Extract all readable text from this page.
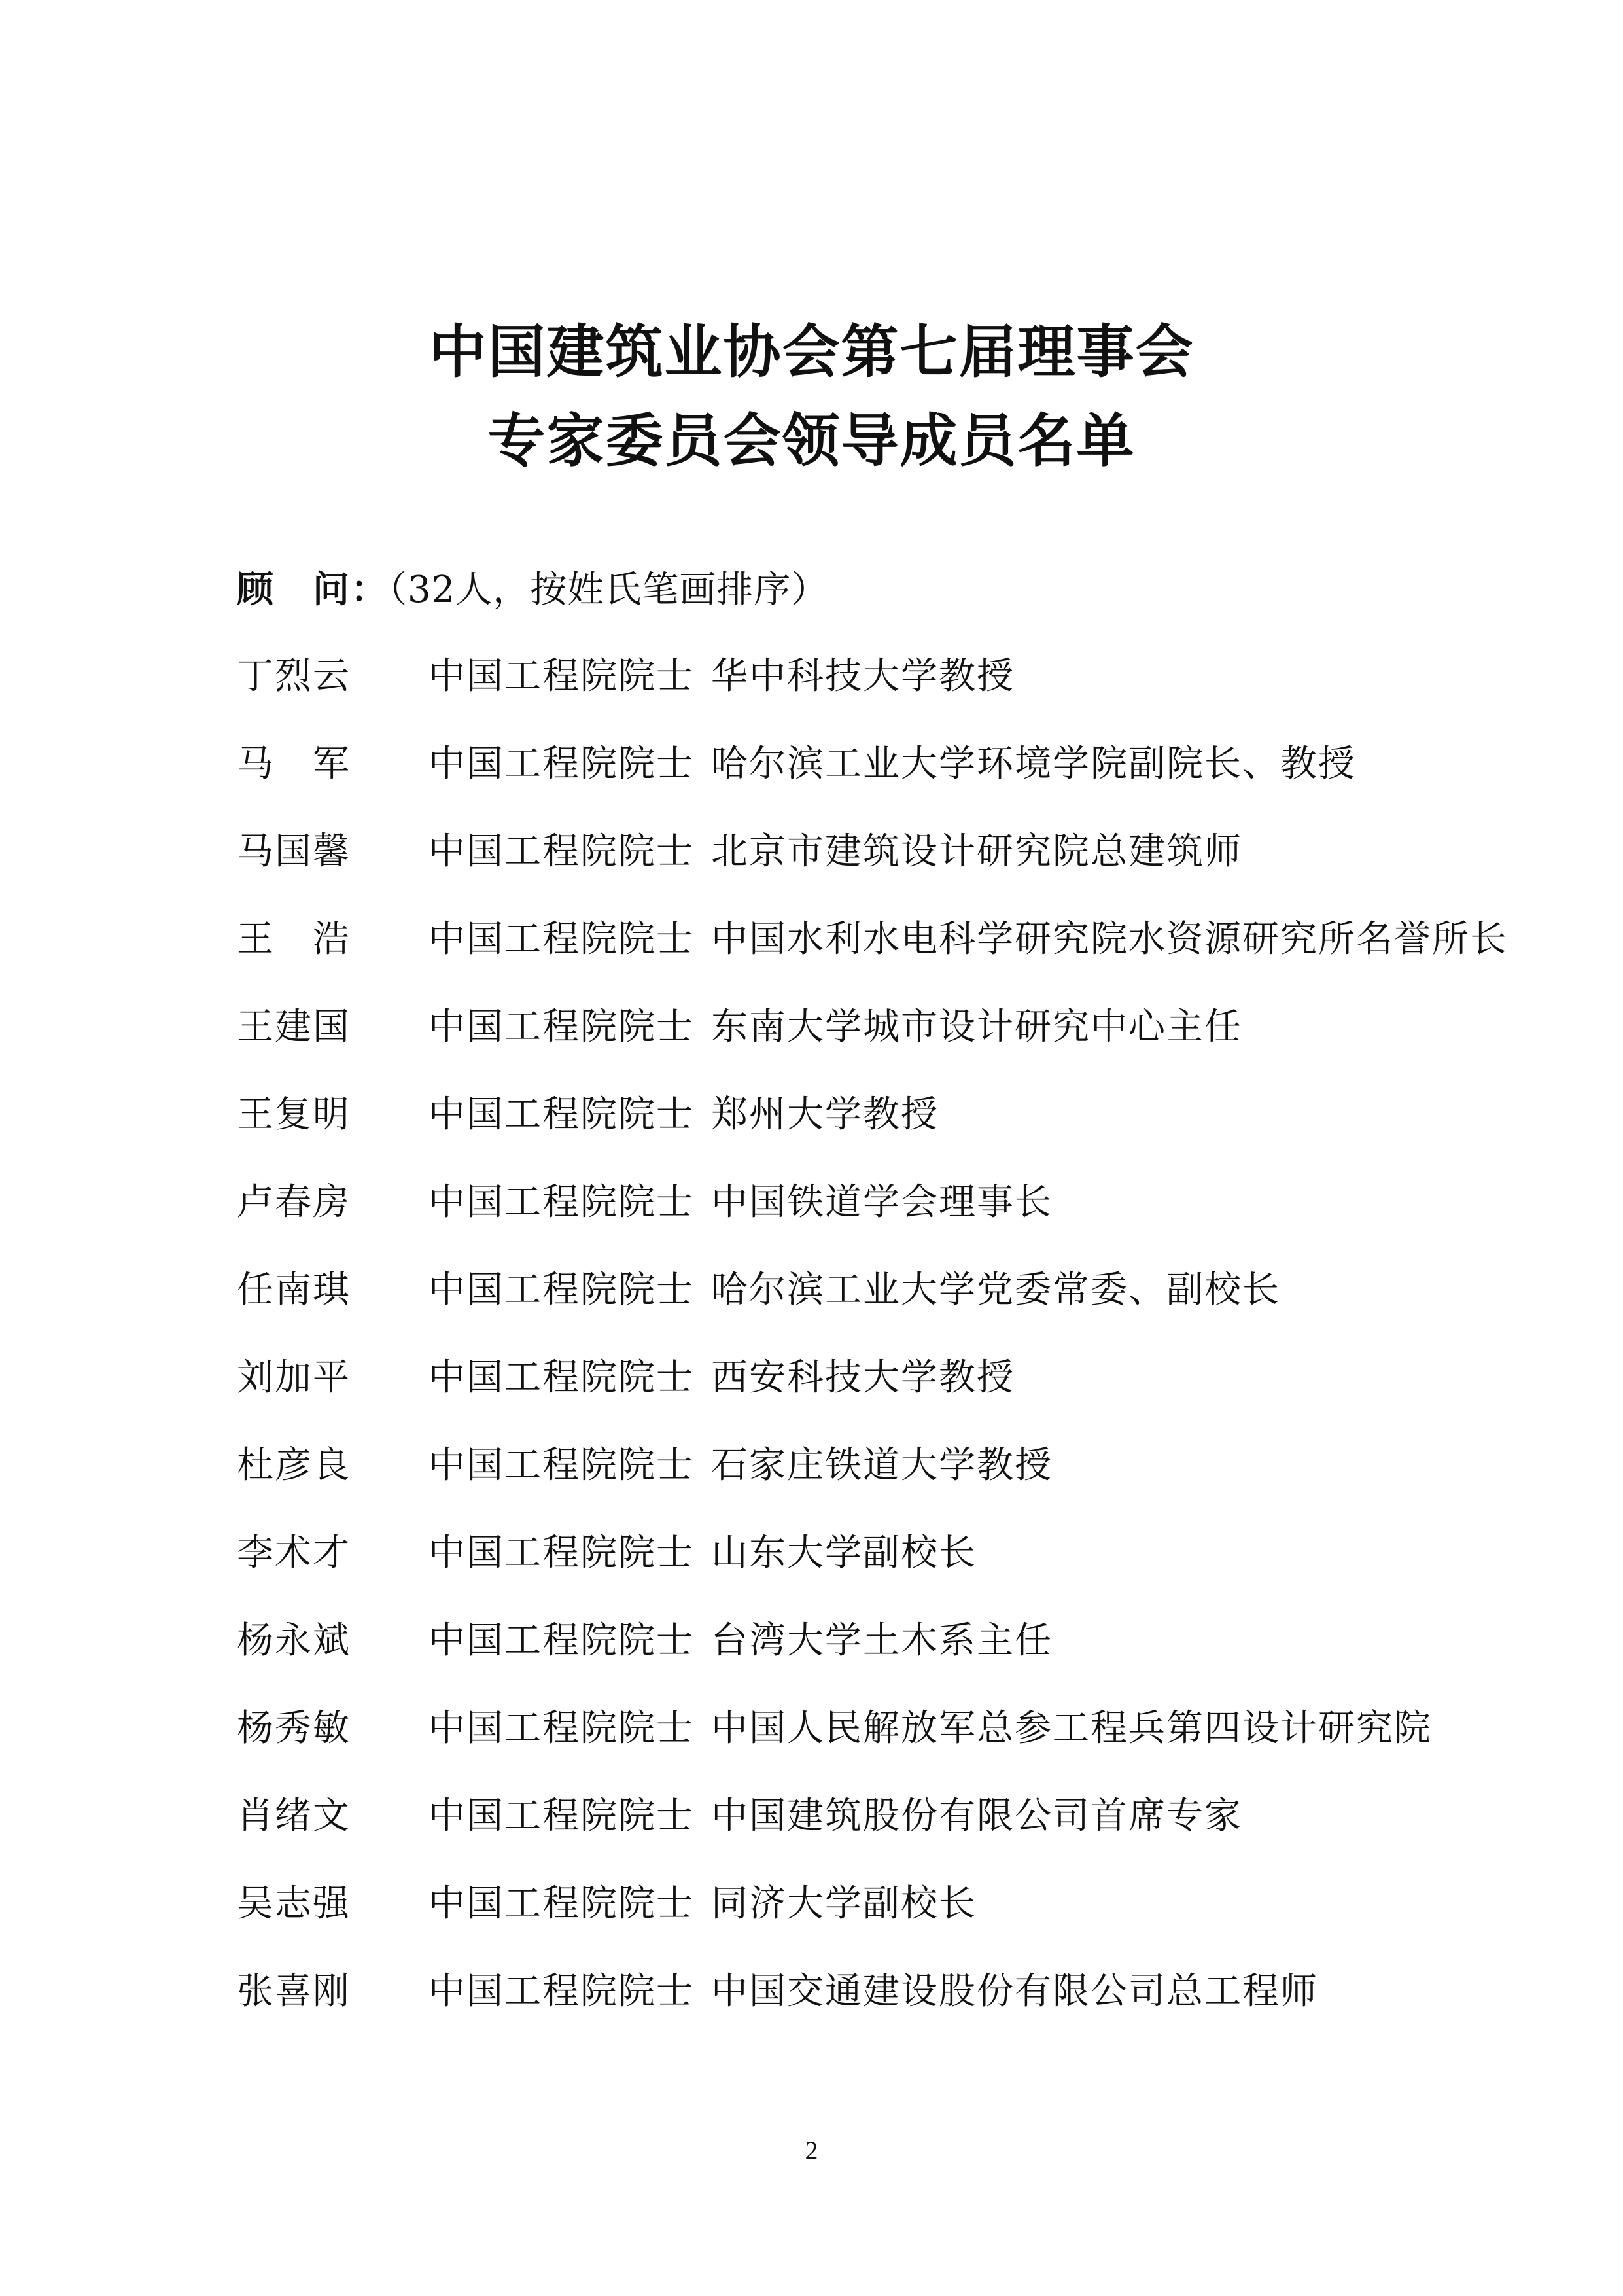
中国建筑业协会第七届理事会
专家委员会领导成员名单
顾　问：（32人，按姓氏笔画排序）
丁烈云 中国工程院院士 华中科技大学教授
马　军 中国工程院院士 哈尔滨工业大学环境学院副院长、教授
马国馨 中国工程院院士 北京市建筑设计研究院总建筑师
王　浩 中国工程院院士 中国水利水电科学研究院水资源研究所名誉所长
王建国 中国工程院院士 东南大学城市设计研究中心主任
王复明 中国工程院院士 郑州大学教授
卢春房 中国工程院院士 中国铁道学会理事长
任南琪 中国工程院院士 哈尔滨工业大学党委常委、副校长
刘加平 中国工程院院士 西安科技大学教授
杜彦良 中国工程院院士 石家庄铁道大学教授
李术才 中国工程院院士 山东大学副校长
杨永斌 中国工程院院士 台湾大学土木系主任
杨秀敏 中国工程院院士 中国人民解放军总参工程兵第四设计研究院
肖绪文 中国工程院院士 中国建筑股份有限公司首席专家
吴志强 中国工程院院士 同济大学副校长
张喜刚 中国工程院院士 中国交通建设股份有限公司总工程师
2
